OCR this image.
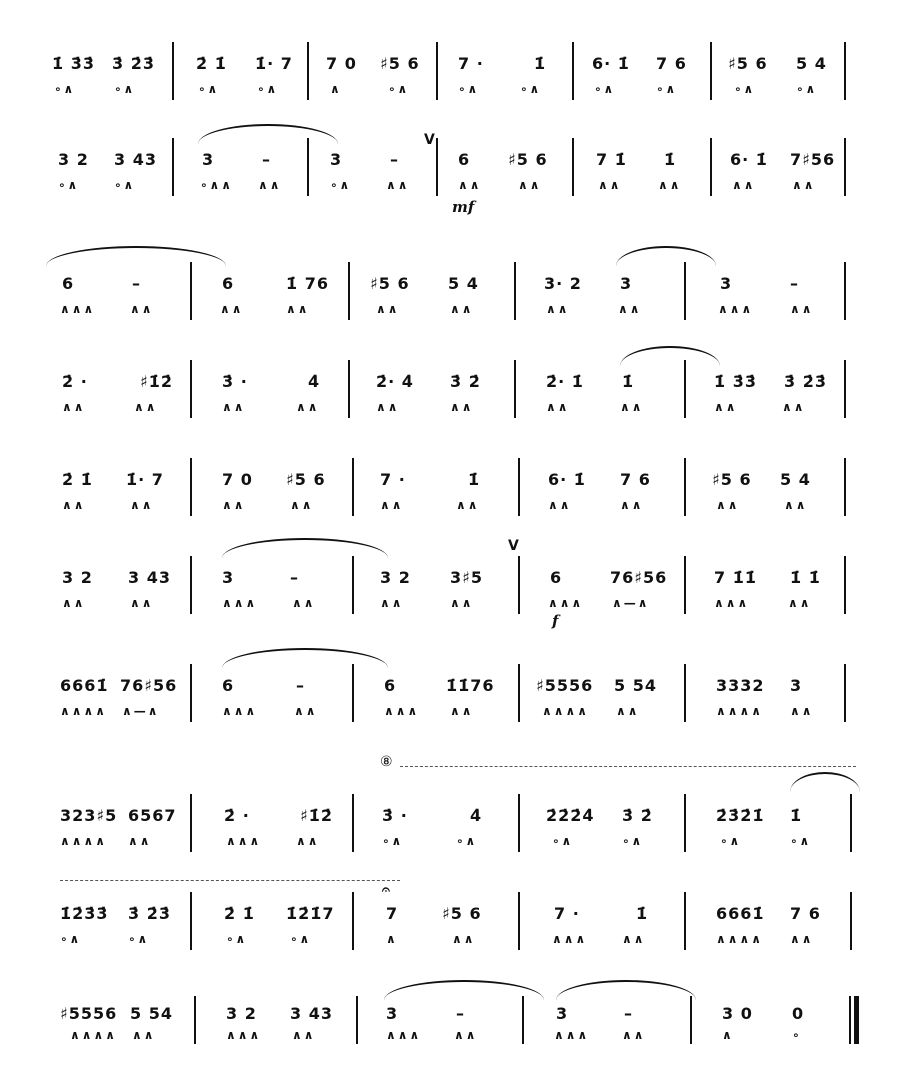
1̇ 3̇3̇ 3̇ 2̇3̇
∘∧	∘∧
2̇ 1̇ 1̇· 7
∘∧	∘∧
7 0 ♯5 6
∧	∘∧
7 ·	1̇
∘∧	∘∧
6· 1̇ 7 6
∘∧	∘∧
♯5 6 5 4
∘∧	∘∧
V
3 2 3 43
∘∧	∘∧
3	–
∘∧∧ ∧∧
3	–
∘∧	∧∧
6 ♯5 6
∧∧	∧∧
mf
7 1̇ 1̇
∧∧	∧∧
6· 1̇ 7♯56
∧∧	∧∧
6	–
∧∧∧	∧∧
6	1̇ 76
∧∧	∧∧
♯5 6 5 4
∧∧	∧∧
3· 2 3
∧∧	∧∧
3	–
∧∧∧	∧∧
2̇ ·	♯1̇2̇
∧∧	∧∧
3̇ ·	4̇
∧∧	∧∧
2̇· 4̇ 3̇ 2̇
∧∧	∧∧
2̇· 1̇ 1̇
∧∧	∧∧
1̇ 3̇3̇ 3̇ 2̇3̇
∧∧	∧∧
2̇ 1̇ 1̇· 7
∧∧	∧∧
7 0 ♯5 6
∧∧	∧∧
7 ·	1̇
∧∧	∧∧
6· 1̇ 7 6
∧∧	∧∧
♯5 6 5 4
∧∧	∧∧
V
3 2 3 43
∧∧	∧∧
3	–
∧∧∧	∧∧
3 2 3♯5
∧∧	∧∧
6	76♯56
∧∧∧ ∧—∧
f
7 1̇1̇ 1̇ 1̇
∧∧∧	∧∧
6661̇ 76♯56
∧∧∧∧ ∧—∧
6	–
∧∧∧	∧∧
6	1̇1̇76
∧∧∧	∧∧
♯5556 5 54
∧∧∧∧ ∧∧
3332 3
∧∧∧∧ ∧∧
⑧
323♯5 6567
∧∧∧∧ ∧∧
2̇ ·	♯1̇2̇
∧∧∧	∧∧
3̇ ·	4̇
∘∧	∘∧
2̇2̇2̇4̇ 3̇ 2̇
∘∧	∘∧
2̇3̇2̇1̇ 1̇
∘∧	∘∧
𝄐
1̇2̇3̇3̇ 3̇ 2̇3̇
∘∧	∘∧
2̇ 1̇ 1̇2̇1̇7
∘∧	∘∧
7	♯5 6
∧	∧∧
7 ·	1̇
∧∧∧	∧∧
6661̇ 7 6
∧∧∧∧ ∧∧
♯5556 5 54
∧∧∧∧ ∧∧
3 2 3 43
∧∧∧	∧∧
3	–
∧∧∧	∧∧
3	–
∧∧∧	∧∧
3 0 0
∧	∘
